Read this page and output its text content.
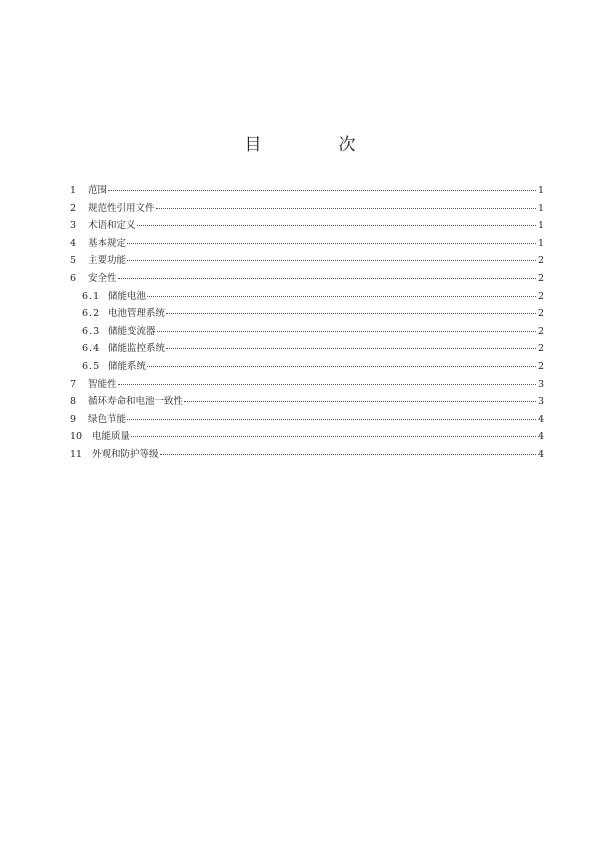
目　次
1	范围	1
2	规范性引用文件	1
3	术语和定义	1
4	基本规定	1
5	主要功能	2
6	安全性	2
6.1 储能电池	2
6.2 电池管理系统	2
6.3 储能变流器	2
6.4 储能监控系统	2
6.5 储能系统	2
7	智能性	3
8	循环寿命和电池一致性	3
9	绿色节能	4
10	电能质量	4
11	外观和防护等级	4
